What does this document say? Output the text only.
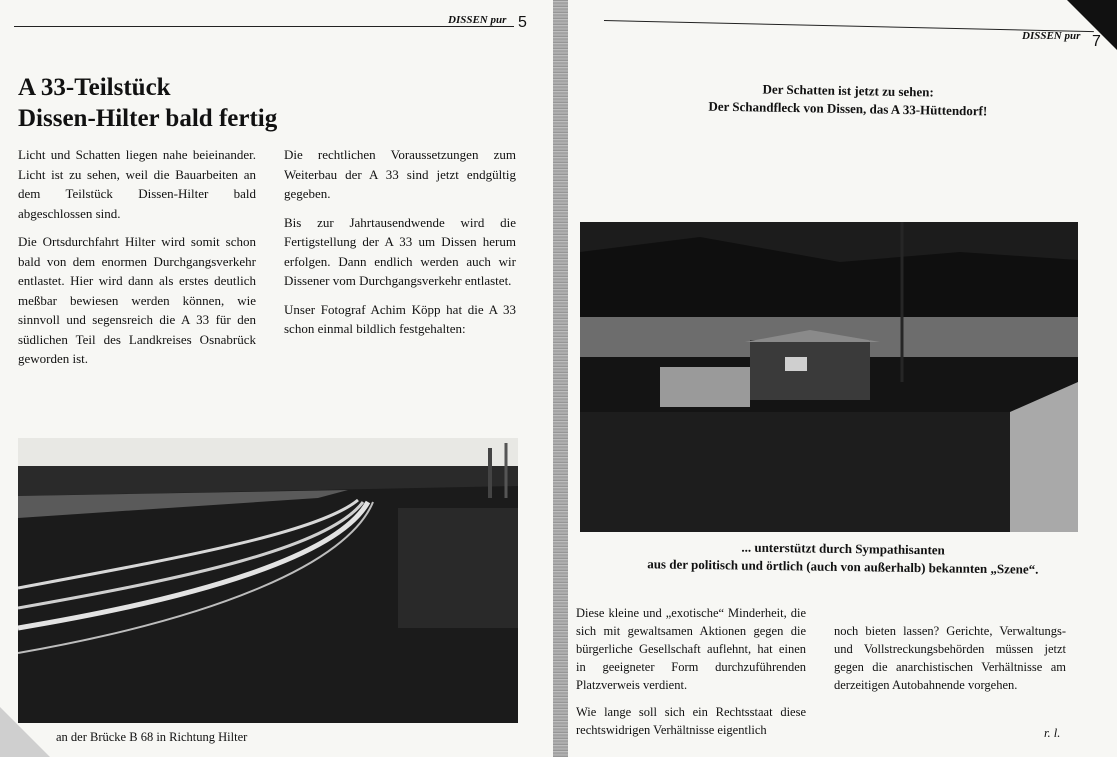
DISSEN pur 5
A 33-Teilstück
Dissen-Hilter bald fertig

Licht und Schatten liegen nahe beieinander. Licht ist zu sehen, weil die Bauarbeiten an dem Teilstück Dissen-Hilter bald abgeschlossen sind.

Die Ortsdurchfahrt Hilter wird somit schon bald von dem enormen Durchgangsverkehr entlastet. Hier wird dann als erstes deutlich meßbar bewiesen werden können, wie sinnvoll und segensreich die A 33 für den südlichen Teil des Landkreises Osnabrück geworden ist.

Die rechtlichen Voraussetzungen zum Weiterbau der A 33 sind jetzt endgültig gegeben.

Bis zur Jahrtausendwende wird die Fertigstellung der A 33 um Dissen herum erfolgen. Dann endlich werden auch wir Dissener vom Durchgangsverkehr entlastet.

Unser Fotograf Achim Köpp hat die A 33 schon einmal bildlich festgehalten:

an der Brücke B 68 in Richtung Hilter
DISSEN pur 7
Der Schatten ist jetzt zu sehen:
Der Schandfleck von Dissen, das A 33-Hüttendorf!
... unterstützt durch Sympathisanten
aus der politisch und örtlich (auch von außerhalb) bekannten „Szene“.

Diese kleine und „exotische“ Minderheit, die sich mit gewaltsamen Aktionen gegen die bürgerliche Gesellschaft auflehnt, hat einen in geeigneter Form durchzuführenden Platzverweis verdient.

Wie lange soll sich ein Rechtsstaat diese rechtswidrigen Verhältnisse eigentlich

noch bieten lassen? Gerichte, Verwaltungs- und Vollstreckungsbehörden müssen jetzt gegen die anarchistischen Verhältnisse am derzeitigen Autobahnende vorgehen.

r. l.
